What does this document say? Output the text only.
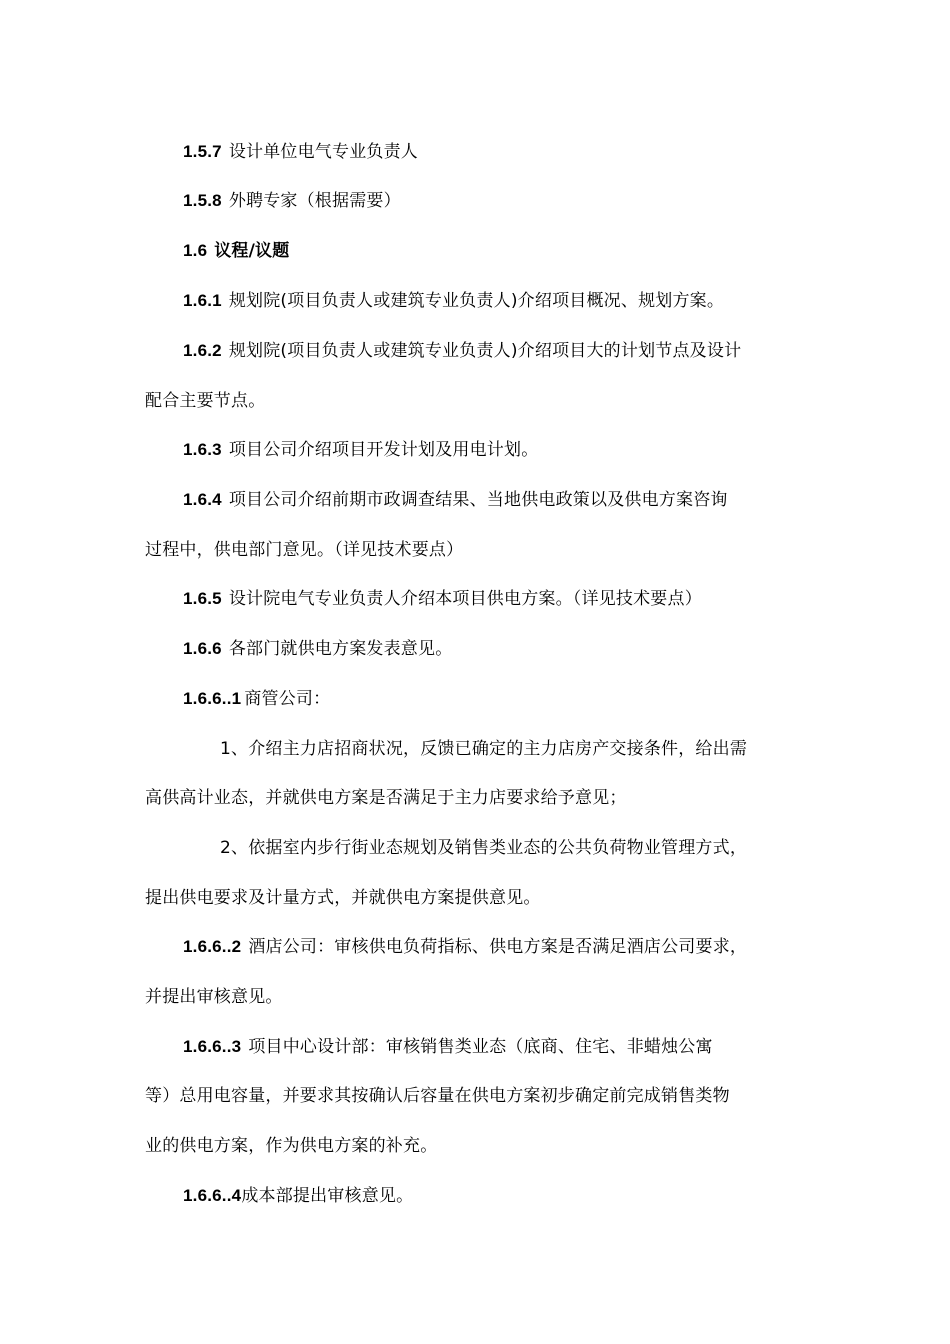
1.5.7 设计单位电气专业负责人
1.5.8 外聘专家（根据需要）
1.6 议程/议题
1.6.1 规划院(项目负责人或建筑专业负责人)介绍项目概况、规划方案。
1.6.2 规划院(项目负责人或建筑专业负责人)介绍项目大的计划节点及设计
配合主要节点。
1.6.3 项目公司介绍项目开发计划及用电计划。
1.6.4 项目公司介绍前期市政调查结果、当地供电政策以及供电方案咨询
过程中，供电部门意见。（详见技术要点）
1.6.5 设计院电气专业负责人介绍本项目供电方案。（详见技术要点）
1.6.6 各部门就供电方案发表意见。
1.6.6..1 商管公司：
1、介绍主力店招商状况，反馈已确定的主力店房产交接条件，给出需
高供高计业态，并就供电方案是否满足于主力店要求给予意见；
2、依据室内步行街业态规划及销售类业态的公共负荷物业管理方式，
提出供电要求及计量方式，并就供电方案提供意见。
1.6.6..2 酒店公司：审核供电负荷指标、供电方案是否满足酒店公司要求，
并提出审核意见。
1.6.6..3 项目中心设计部：审核销售类业态（底商、住宅、非蜡烛公寓
等）总用电容量，并要求其按确认后容量在供电方案初步确定前完成销售类物
业的供电方案，作为供电方案的补充。
1.6.6..4成本部提出审核意见。
